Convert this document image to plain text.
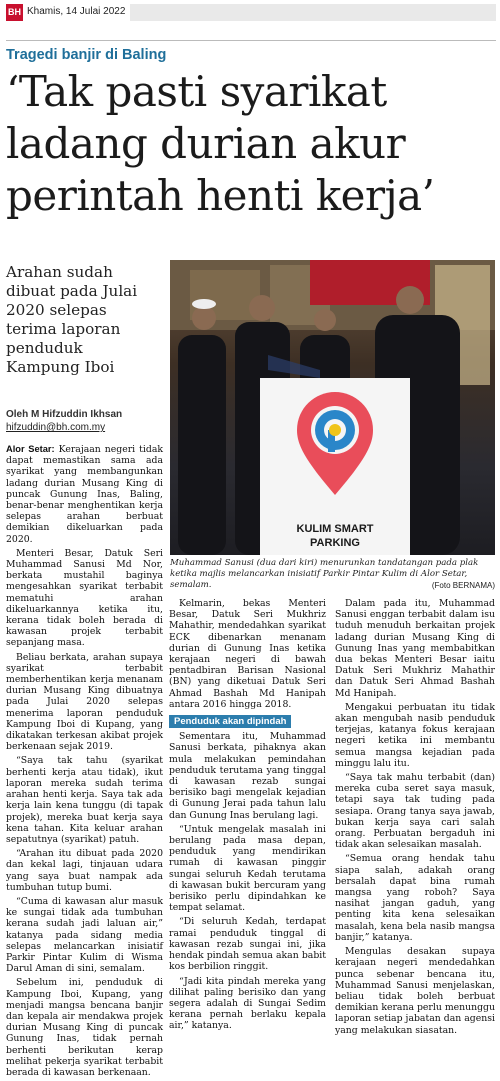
BH Khamis, 14 Julai 2022
Tragedi banjir di Baling
‘Tak pasti syarikat ladang durian akur perintah henti kerja’
Arahan sudah dibuat pada Julai 2020 selepas terima laporan penduduk Kampung Iboi
Oleh M Hifzuddin Ikhsan
hifzuddin@bh.com.my
KULIM SMART
PARKING
Muhammad Sanusi (dua dari kiri) menurunkan tandatangan pada plak ketika majlis melancarkan inisiatif Parkir Pintar Kulim di Alor Setar, semalam.	(Foto BERNAMA)

Alor Setar: Kerajaan negeri tidak dapat memastikan sama ada syarikat yang membangunkan ladang durian Musang King di puncak Gunung Inas, Baling, benar-benar menghentikan kerja selepas arahan berbuat demikian dikeluarkan pada 2020.

Menteri Besar, Datuk Seri Muhammad Sanusi Md Nor, berkata mustahil baginya mengesahkan syarikat terbabit mematuhi arahan dikeluarkannya ketika itu, kerana tidak boleh berada di kawasan projek terbabit sepanjang masa.

Beliau berkata, arahan supaya syarikat terbabit memberhentikan kerja menanam durian Musang King dibuatnya pada Julai 2020 selepas menerima laporan penduduk Kampung Iboi di Kupang, yang dikatakan terkesan akibat projek berkenaan sejak 2019.

“Saya tak tahu (syarikat berhenti kerja atau tidak), ikut laporan mereka sudah terima arahan henti kerja. Saya tak ada kerja lain kena tunggu (di tapak projek), mereka buat kerja saya kena tahan. Kita keluar arahan sepatutnya (syarikat) patuh.

“Arahan itu dibuat pada 2020 dan kekal lagi, tinjauan udara yang saya buat nampak ada tumbuhan tutup bumi.

“Cuma di kawasan alur masuk ke sungai tidak ada tumbuhan kerana sudah jadi laluan air,” katanya pada sidang media selepas melancarkan inisiatif Parkir Pintar Kulim di Wisma Darul Aman di sini, semalam.

Sebelum ini, penduduk di Kampung Iboi, Kupang, yang menjadi mangsa bencana banjir dan kepala air mendakwa projek durian Musang King di puncak Gunung Inas, tidak pernah berhenti berikutan kerap melihat pekerja syarikat terbabit berada di kawasan berkenaan.

Kelmarin, bekas Menteri Besar, Datuk Seri Mukhriz Mahathir, mendedahkan syarikat ECK dibenarkan menanam durian di Gunung Inas ketika kerajaan negeri di bawah pentadbiran Barisan Nasional (BN) yang diketuai Datuk Seri Ahmad Bashah Md Hanipah antara 2016 hingga 2018.

Penduduk akan dipindah

Sementara itu, Muhammad Sanusi berkata, pihaknya akan mula melakukan pemindahan penduduk terutama yang tinggal di kawasan rezab sungai berisiko bagi mengelak kejadian di Gunung Jerai pada tahun lalu dan Gunung Inas berulang lagi.

“Untuk mengelak masalah ini berulang pada masa depan, penduduk yang mendirikan rumah di kawasan pinggir sungai seluruh Kedah terutama di kawasan bukit bercuram yang berisiko perlu dipindahkan ke tempat selamat.

“Di seluruh Kedah, terdapat ramai penduduk tinggal di kawasan rezab sungai ini, jika hendak pindah semua akan babit kos berbilion ringgit.

“Jadi kita pindah mereka yang dilihat paling berisiko dan yang segera adalah di Sungai Sedim kerana pernah berlaku kepala air,” katanya.

Dalam pada itu, Muhammad Sanusi enggan terbabit dalam isu tuduh menuduh berkaitan projek ladang durian Musang King di Gunung Inas yang membabitkan dua bekas Menteri Besar iaitu Datuk Seri Mukhriz Mahathir dan Datuk Seri Ahmad Bashah Md Hanipah.

Mengakui perbuatan itu tidak akan mengubah nasib penduduk terjejas, katanya fokus kerajaan negeri ketika ini membantu semua mangsa kejadian pada minggu lalu itu.

“Saya tak mahu terbabit (dan) mereka cuba seret saya masuk, tetapi saya tak tuding pada sesiapa. Orang tanya saya jawab, bukan kerja saya cari salah orang. Perbuatan bergaduh ini tidak akan selesaikan masalah.

“Semua orang hendak tahu siapa salah, adakah orang bersalah dapat bina rumah mangsa yang roboh? Saya nasihat jangan gaduh, yang penting kita kena selesaikan masalah, kena bela nasib mangsa banjir,” katanya.

Mengulas desakan supaya kerajaan negeri mendedahkan punca sebenar bencana itu, Muhammad Sanusi menjelaskan, beliau tidak boleh berbuat demikian kerana perlu menunggu laporan setiap jabatan dan agensi yang melakukan siasatan.
